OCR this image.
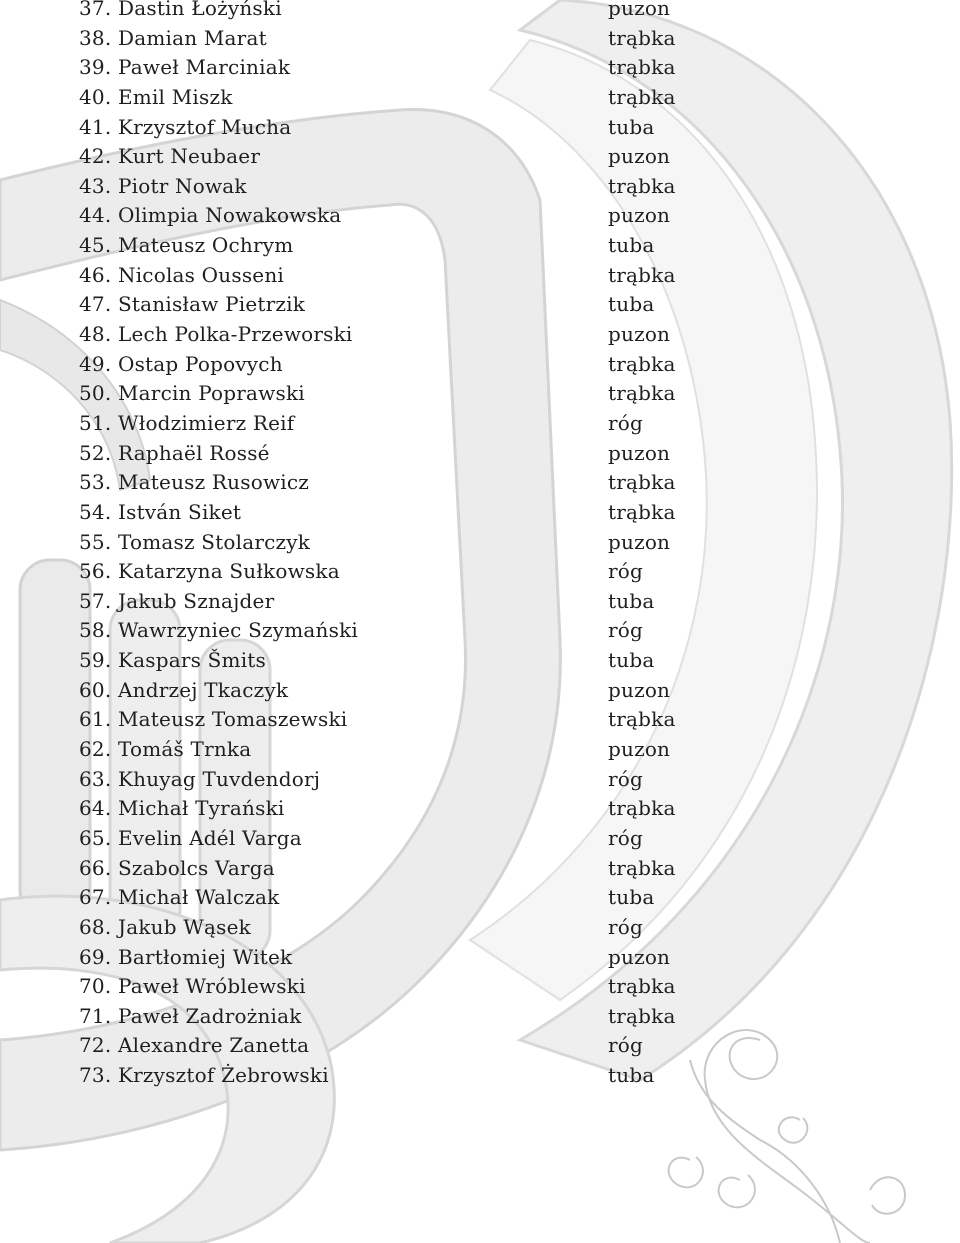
37. Dastin Łożyński	puzon
38. Damian Marat	trąbka
39. Paweł Marciniak	trąbka
40. Emil Miszk	trąbka
41. Krzysztof Mucha	tuba
42. Kurt Neubaer	puzon
43. Piotr Nowak	trąbka
44. Olimpia Nowakowska	puzon
45. Mateusz Ochrym	tuba
46. Nicolas Ousseni	trąbka
47. Stanisław Pietrzik	tuba
48. Lech Polka-Przeworski	puzon
49. Ostap Popovych	trąbka
50. Marcin Poprawski	trąbka
51. Włodzimierz Reif	róg
52. Raphaël Rossé	puzon
53. Mateusz Rusowicz	trąbka
54. István Siket	trąbka
55. Tomasz Stolarczyk	puzon
56. Katarzyna Sułkowska	róg
57. Jakub Sznajder	tuba
58. Wawrzyniec Szymański	róg
59. Kaspars Šmits	tuba
60. Andrzej Tkaczyk	puzon
61. Mateusz Tomaszewski	trąbka
62. Tomáš Trnka	puzon
63. Khuyag Tuvdendorj	róg
64. Michał Tyrański	trąbka
65. Evelin Adél Varga	róg
66. Szabolcs Varga	trąbka
67. Michał Walczak	tuba
68. Jakub Wąsek	róg
69. Bartłomiej Witek	puzon
70. Paweł Wróblewski	trąbka
71. Paweł Zadrożniak	trąbka
72. Alexandre Zanetta	róg
73. Krzysztof Żebrowski	tuba
